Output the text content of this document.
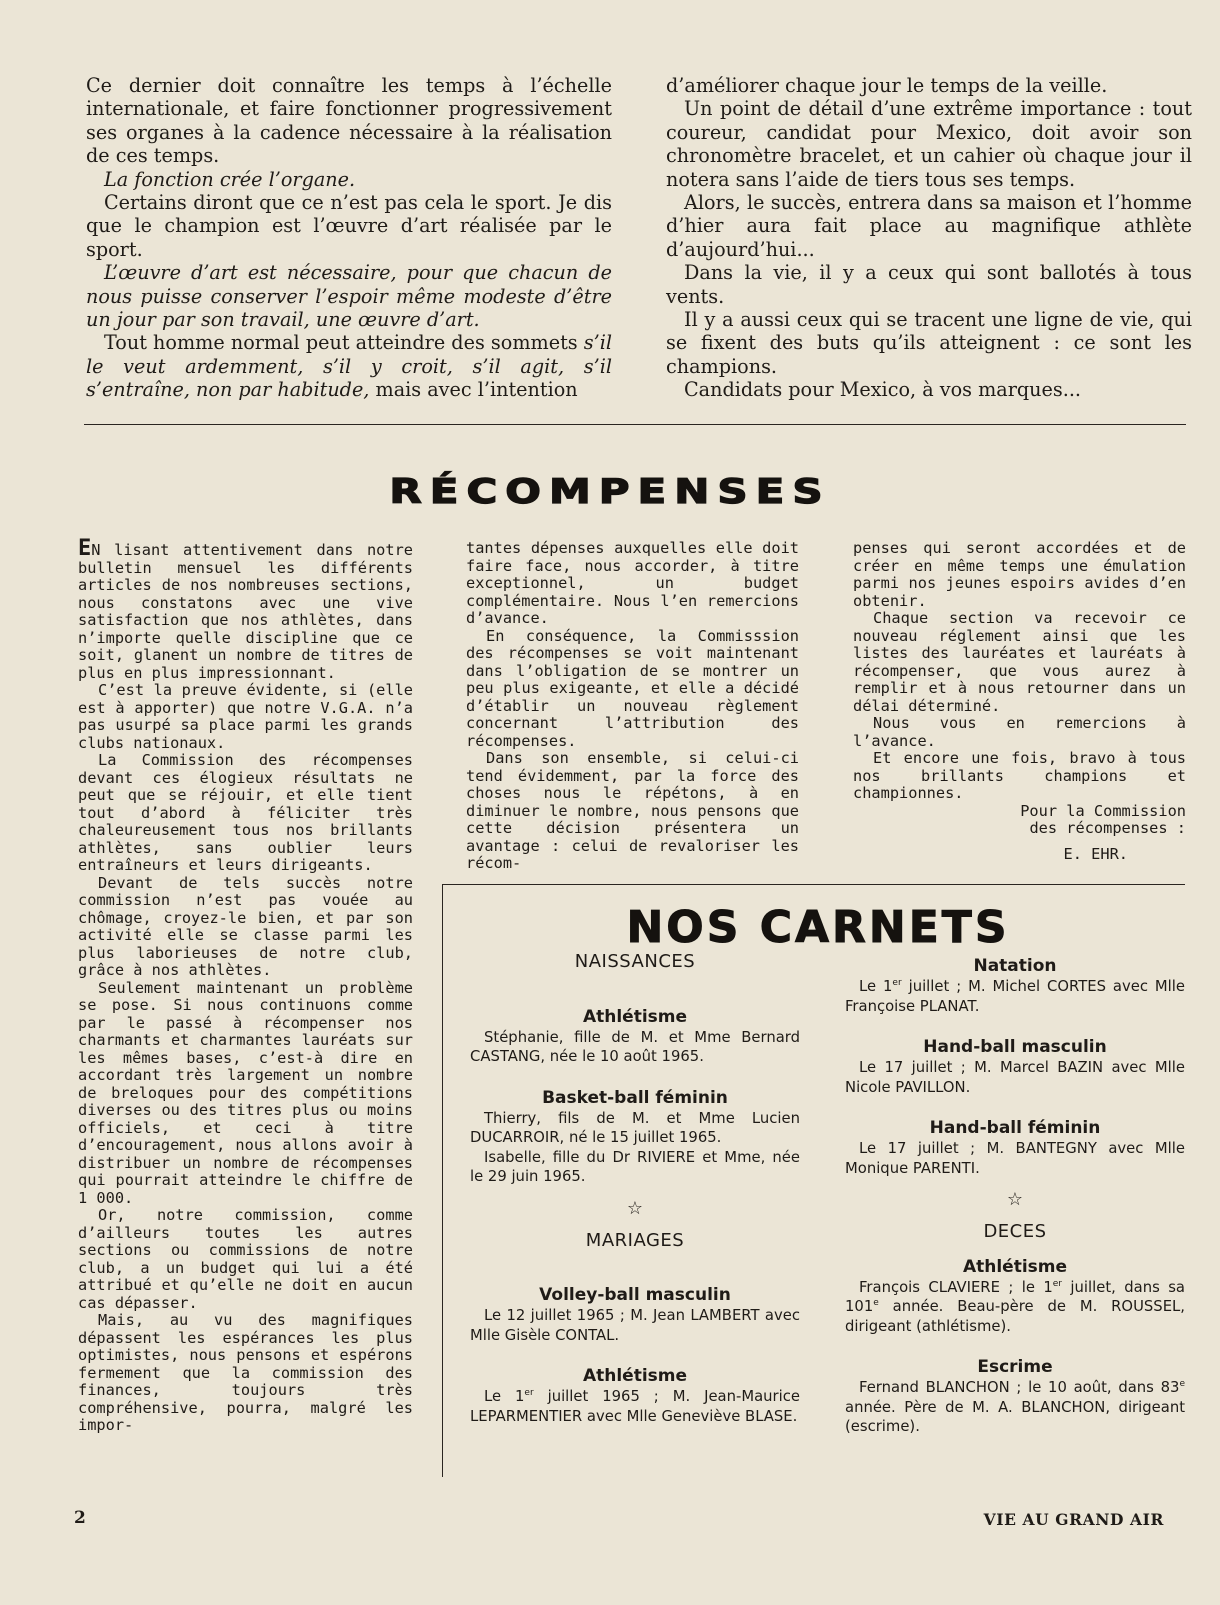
Ce dernier doit connaître les temps à l’échelle internationale, et faire fonctionner progressivement ses organes à la cadence nécessaire à la réalisation de ces temps.

La fonction crée l’organe.

Certains diront que ce n’est pas cela le sport. Je dis que le champion est l’œuvre d’art réalisée par le sport.

L’œuvre d’art est nécessaire, pour que chacun de nous puisse conserver l’espoir même modeste d’être un jour par son travail, une œuvre d’art.

Tout homme normal peut atteindre des sommets s’il le veut ardemment, s’il y croit, s’il agit, s’il s’entraîne, non par habitude, mais avec l’intention

d’améliorer chaque jour le temps de la veille.

Un point de détail d’une extrême importance : tout coureur, candidat pour Mexico, doit avoir son chronomètre bracelet, et un cahier où chaque jour il notera sans l’aide de tiers tous ses temps.

Alors, le succès, entrera dans sa maison et l’homme d’hier aura fait place au magnifique athlète d’aujourd’hui...

Dans la vie, il y a ceux qui sont ballotés à tous vents.

Il y a aussi ceux qui se tracent une ligne de vie, qui se fixent des buts qu’ils atteignent : ce sont les champions.

Candidats pour Mexico, à vos marques...

RÉCOMPENSES

EN lisant attentivement dans notre bulletin mensuel les différents articles de nos nombreuses sections, nous constatons avec une vive satisfaction que nos athlètes, dans n’importe quelle discipline que ce soit, glanent un nombre de titres de plus en plus impressionnant.

C’est la preuve évidente, si (elle est à apporter) que notre V.G.A. n’a pas usurpé sa place parmi les grands clubs nationaux.

La Commission des récompenses devant ces élogieux résultats ne peut que se réjouir, et elle tient tout d’abord à féliciter très chaleureusement tous nos brillants athlètes, sans oublier leurs entraîneurs et leurs dirigeants.

Devant de tels succès notre commission n’est pas vouée au chômage, croyez-le bien, et par son activité elle se classe parmi les plus laborieuses de notre club, grâce à nos athlètes.

Seulement maintenant un problème se pose. Si nous continuons comme par le passé à récompenser nos charmants et charmantes lauréats sur les mêmes bases, c’est-à dire en accordant très largement un nombre de breloques pour des compétitions diverses ou des titres plus ou moins officiels, et ceci à titre d’encouragement, nous allons avoir à distribuer un nombre de récompenses qui pourrait atteindre le chiffre de 1 000.

Or, notre commission, comme d’ailleurs toutes les autres sections ou commissions de notre club, a un budget qui lui a été attribué et qu’elle ne doit en aucun cas dépasser.

Mais, au vu des magnifiques dépassent les espérances les plus optimistes, nous pensons et espérons fermement que la commission des finances, toujours très compréhensive, pourra, malgré les impor-

tantes dépenses auxquelles elle doit faire face, nous accorder, à titre exceptionnel, un budget complémentaire. Nous l’en remercions d’avance.

En conséquence, la Commisssion des récompenses se voit maintenant dans l’obligation de se montrer un peu plus exigeante, et elle a décidé d’établir un nouveau règlement concernant l’attribution des récompenses.

Dans son ensemble, si celui-ci tend évidemment, par la force des choses nous le répétons, à en diminuer le nombre, nous pensons que cette décision présentera un avantage : celui de revaloriser les récom-

penses qui seront accordées et de créer en même temps une émulation parmi nos jeunes espoirs avides d’en obtenir.

Chaque section va recevoir ce nouveau réglement ainsi que les listes des lauréates et lauréats à récompenser, que vous aurez à remplir et à nous retourner dans un délai déterminé.

Nous vous en remercions à l’avance.

Et encore une fois, bravo à tous nos brillants champions et championnes.

Pour la Commission

des récompenses :

E. EHR.

NOS CARNETS
NAISSANCES
Athlétisme

Stéphanie, fille de M. et Mme Bernard CASTANG, née le 10 août 1965.

Basket-ball féminin

Thierry, fils de M. et Mme Lucien DUCARROIR, né le 15 juillet 1965.

Isabelle, fille du Dr RIVIERE et Mme, née le 29 juin 1965.

☆
MARIAGES
Volley-ball masculin

Le 12 juillet 1965 ; M. Jean LAMBERT avec Mlle Gisèle CONTAL.

Athlétisme

Le 1er juillet 1965 ; M. Jean-Maurice LEPARMENTIER avec Mlle Geneviève BLASE.

Natation

Le 1er juillet ; M. Michel CORTES avec Mlle Françoise PLANAT.

Hand-ball masculin

Le 17 juillet ; M. Marcel BAZIN avec Mlle Nicole PAVILLON.

Hand-ball féminin

Le 17 juillet ; M. BANTEGNY avec Mlle Monique PARENTI.

☆
DECES
Athlétisme

François CLAVIERE ; le 1er juillet, dans sa 101e année. Beau-père de M. ROUSSEL, dirigeant (athlétisme).

Escrime

Fernand BLANCHON ; le 10 août, dans 83e année. Père de M. A. BLANCHON, dirigeant (escrime).

2	VIE AU GRAND AIR
